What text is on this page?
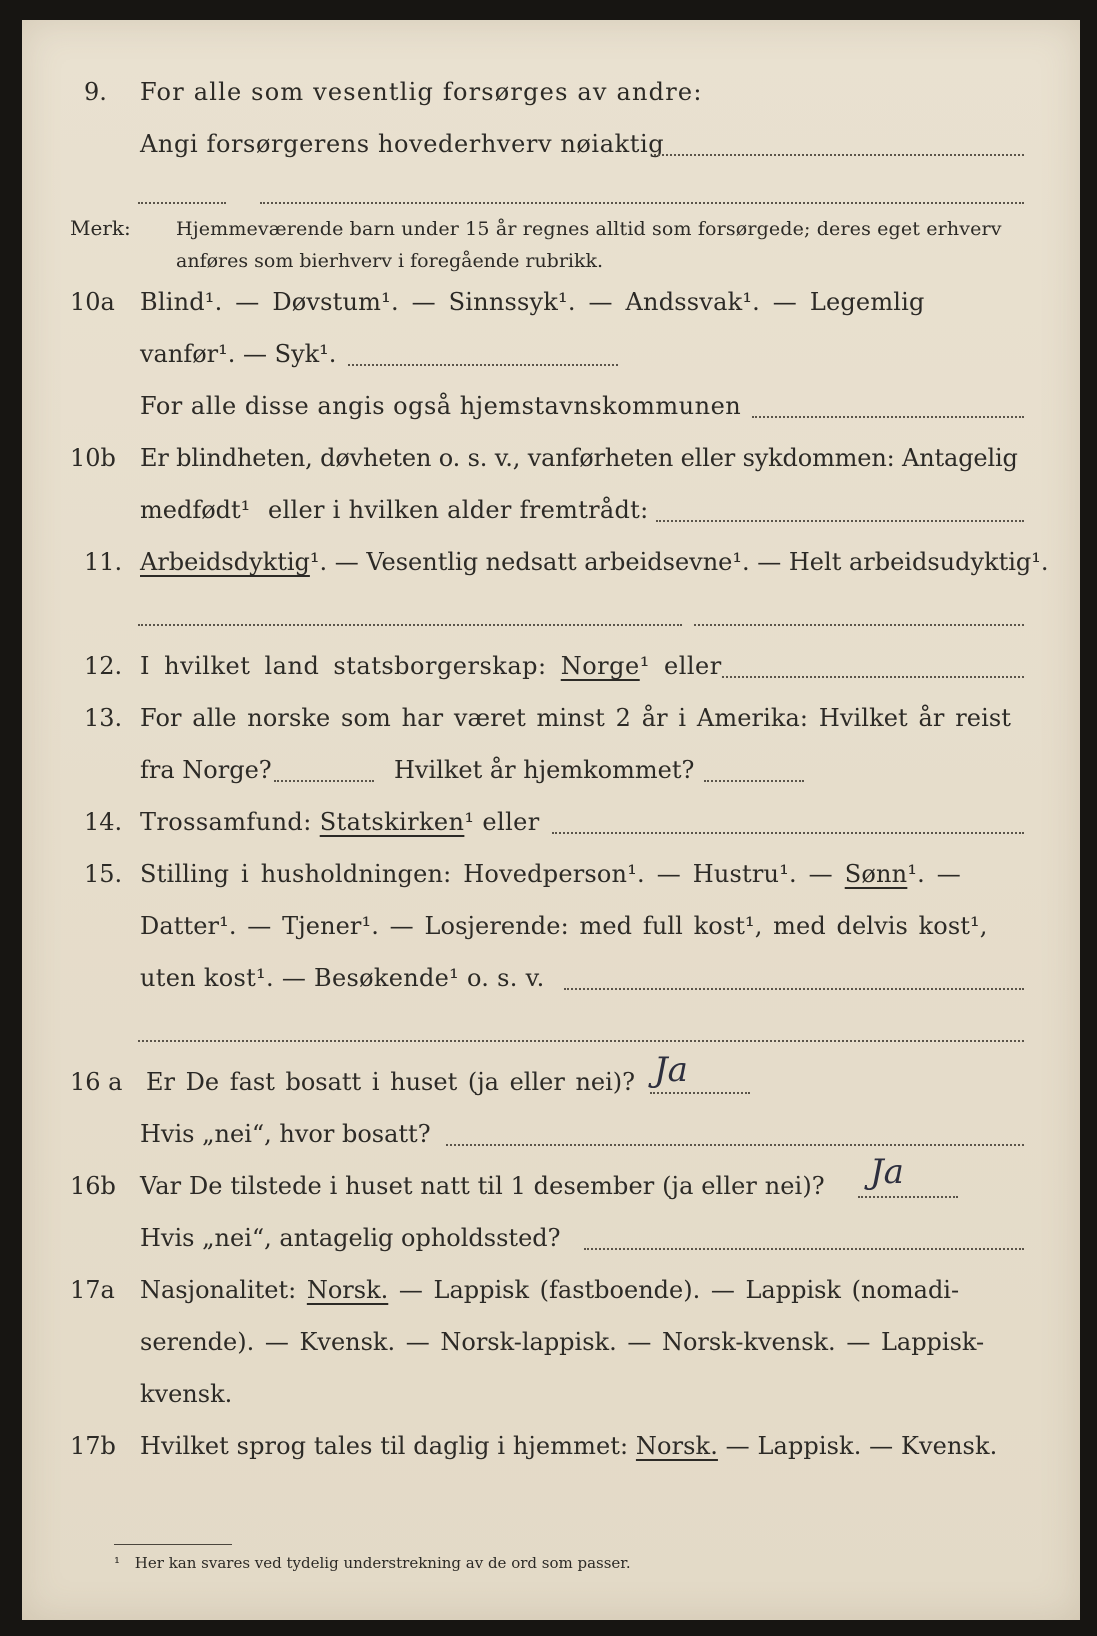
9. For alle som vesentlig forsørges av andre:
Angi forsørgerens hovederhverv nøiaktig
Merk: Hjemmeværende barn under 15 år regnes alltid som forsørgede; deres eget erhverv
anføres som bierhverv i foregående rubrikk.
10a Blind¹. — Døvstum¹. — Sinnssyk¹. — Andssvak¹. — Legemlig
vanfør¹. — Syk¹.
For alle disse angis også hjemstavnskommunen
10b Er blindheten, døvheten o. s. v., vanførheten eller sykdommen: Antagelig
medfødt¹ eller i hvilken alder fremtrådt:
11. Arbeidsdyktig¹. — Vesentlig nedsatt arbeidsevne¹. — Helt arbeidsudyktig¹.
12. I hvilket land statsborgerskap: Norge¹ eller
13. For alle norske som har været minst 2 år i Amerika: Hvilket år reist
fra Norge?	Hvilket år hjemkommet?
14. Trossamfund: Statskirken¹ eller
15. Stilling i husholdningen: Hovedperson¹. — Hustru¹. — Sønn¹. —
Datter¹. — Tjener¹. — Losjerende: med full kost¹, med delvis kost¹,
uten kost¹. — Besøkende¹ o. s. v.
16 a Er De fast bosatt i huset (ja eller nei)? Ja
Hvis „nei“, hvor bosatt?
16b Var De tilstede i huset natt til 1 desember (ja eller nei)? Ja
Hvis „nei“, antagelig opholdssted?
17a Nasjonalitet: Norsk. — Lappisk (fastboende). — Lappisk (nomadi-
serende). — Kvensk. — Norsk-lappisk. — Norsk-kvensk. — Lappisk-
kvensk.
17b Hvilket sprog tales til daglig i hjemmet: Norsk. — Lappisk. — Kvensk.
¹ Her kan svares ved tydelig understrekning av de ord som passer.
